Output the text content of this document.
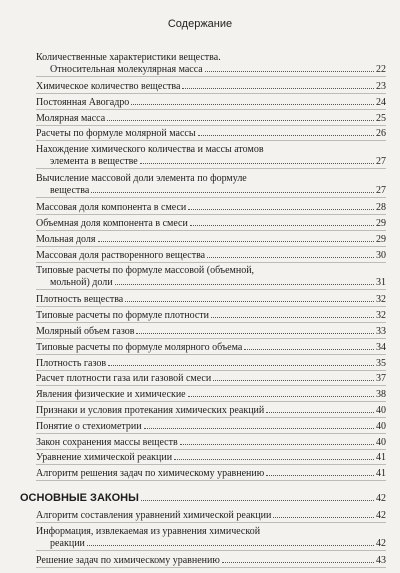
Содержание
Количественные характеристики вещества.
Относительная молекулярная масса	22
Химическое количество вещества	23
Постоянная Авогадро	24
Молярная масса	25
Расчеты по формуле молярной массы	26
Нахождение химического количества и массы атомов
элемента в веществе	27
Вычисление массовой доли элемента по формуле
вещества	27
Массовая доля компонента в смеси	28
Объемная доля компонента в смеси	29
Мольная доля	29
Массовая доля растворенного вещества	30
Типовые расчеты по формуле массовой (объемной,
мольной) доли	31
Плотность вещества	32
Типовые расчеты по формуле плотности	32
Молярный объем газов	33
Типовые расчеты по формуле молярного объема	34
Плотность газов	35
Расчет плотности газа или газовой смеси	37
Явления физические и химические	38
Признаки и условия протекания химических реакций	40
Понятие о стехиометрии	40
Закон сохранения массы веществ	40
Уравнение химической реакции	41
Алгоритм решения задач по химическому уравнению	41
ОСНОВНЫЕ ЗАКОНЫ	42
Алгоритм составления уравнений химической реакции	42
Информация, извлекаемая из уравнения химической
реакции	42
Решение задач по химическому уравнению	43
